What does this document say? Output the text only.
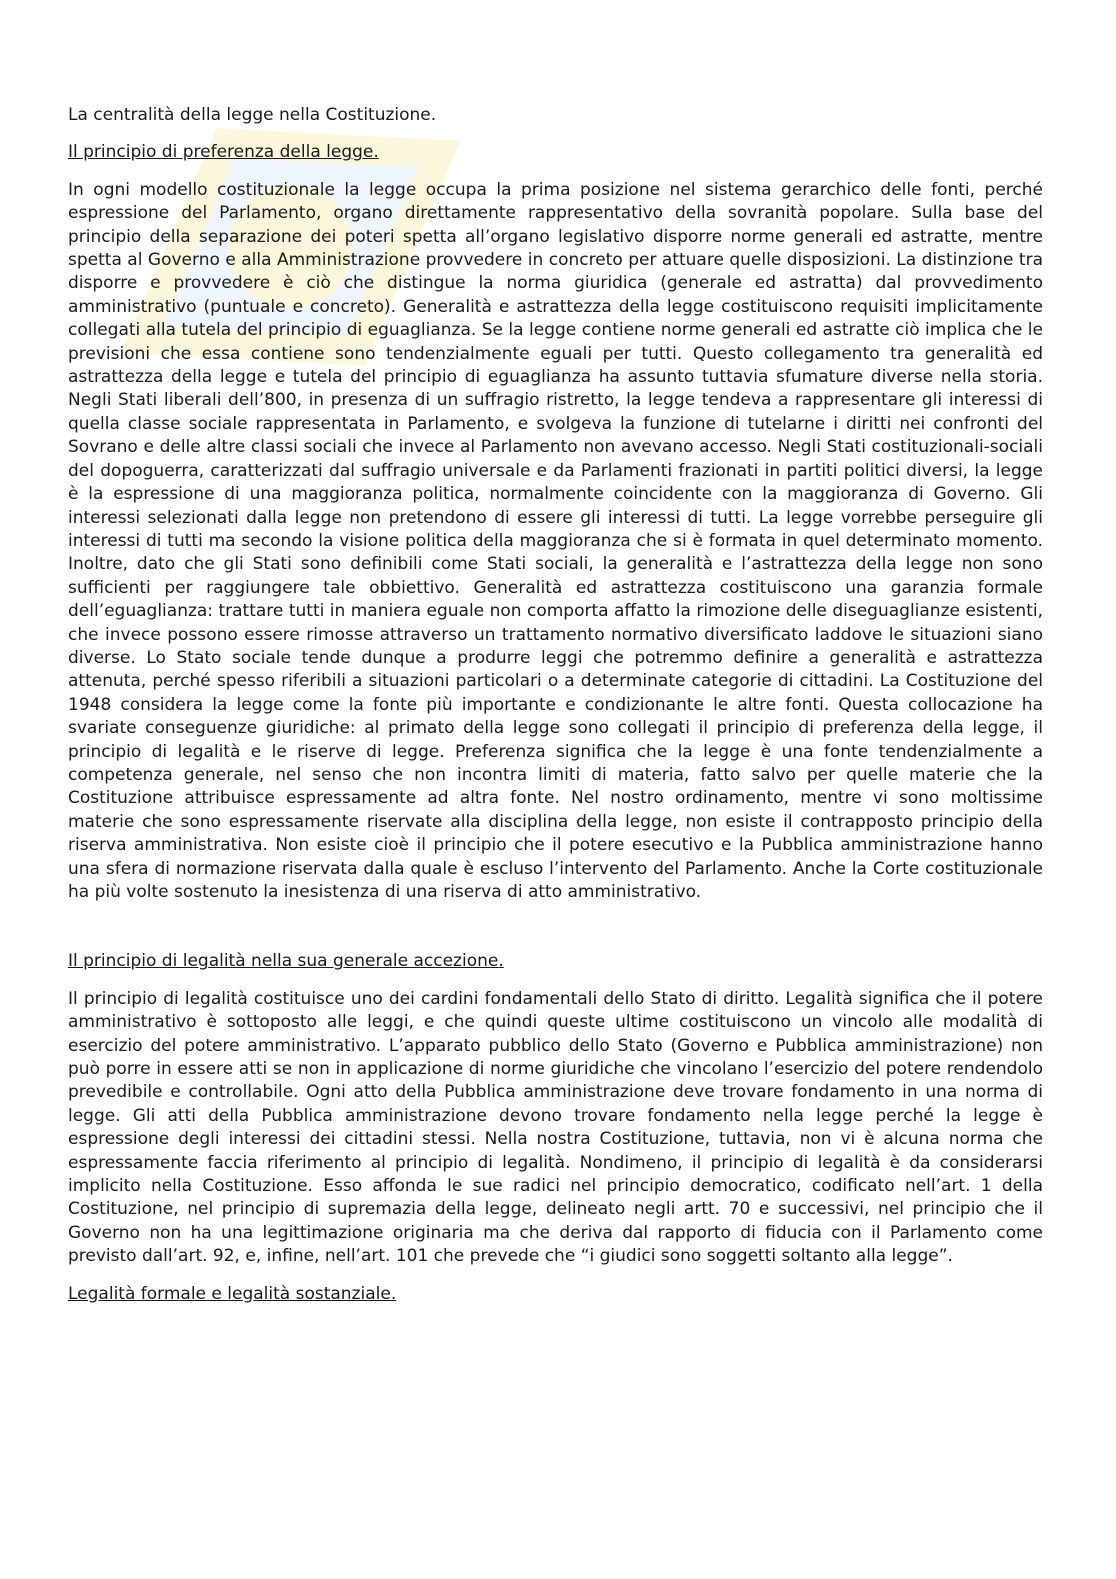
La centralità della legge nella Costituzione.

Il principio di preferenza della legge.

In ogni modello costituzionale la legge occupa la prima posizione nel sistema gerarchico delle fonti, perché espressione del Parlamento, organo direttamente rappresentativo della sovranità popolare. Sulla base del principio della separazione dei poteri spetta all’organo legislativo disporre norme generali ed astratte, mentre spetta al Governo e alla Amministrazione provvedere in concreto per attuare quelle disposizioni. La distinzione tra disporre e provvedere è ciò che distingue la norma giuridica (generale ed astratta) dal provvedimento amministrativo (puntuale e concreto). Generalità e astrattezza della legge costituiscono requisiti implicitamente collegati alla tutela del principio di eguaglianza. Se la legge contiene norme generali ed astratte ciò implica che le previsioni che essa contiene sono tendenzialmente eguali per tutti. Questo collegamento tra generalità ed astrattezza della legge e tutela del principio di eguaglianza ha assunto tuttavia sfumature diverse nella storia. Negli Stati liberali dell’800, in presenza di un suffragio ristretto, la legge tendeva a rappresentare gli interessi di quella classe sociale rappresentata in Parlamento, e svolgeva la funzione di tutelarne i diritti nei confronti del Sovrano e delle altre classi sociali che invece al Parlamento non avevano accesso. Negli Stati costituzionali-sociali del dopoguerra, caratterizzati dal suffragio universale e da Parlamenti frazionati in partiti politici diversi, la legge è la espressione di una maggioranza politica, normalmente coincidente con la maggioranza di Governo. Gli interessi selezionati dalla legge non pretendono di essere gli interessi di tutti. La legge vorrebbe perseguire gli interessi di tutti ma secondo la visione politica della maggioranza che si è formata in quel determinato momento. Inoltre, dato che gli Stati sono definibili come Stati sociali, la generalità e l’astrattezza della legge non sono sufficienti per raggiungere tale obbiettivo. Generalità ed astrattezza costituiscono una garanzia formale dell’eguaglianza: trattare tutti in maniera eguale non comporta affatto la rimozione delle diseguaglianze esistenti, che invece possono essere rimosse attraverso un trattamento normativo diversificato laddove le situazioni siano diverse. Lo Stato sociale tende dunque a produrre leggi che potremmo definire a generalità e astrattezza attenuta, perché spesso riferibili a situazioni particolari o a determinate categorie di cittadini. La Costituzione del 1948 considera la legge come la fonte più importante e condizionante le altre fonti. Questa collocazione ha svariate conseguenze giuridiche: al primato della legge sono collegati il principio di preferenza della legge, il principio di legalità e le riserve di legge. Preferenza significa che la legge è una fonte tendenzialmente a competenza generale, nel senso che non incontra limiti di materia, fatto salvo per quelle materie che la Costituzione attribuisce espressamente ad altra fonte. Nel nostro ordinamento, mentre vi sono moltissime materie che sono espressamente riservate alla disciplina della legge, non esiste il contrapposto principio della riserva amministrativa. Non esiste cioè il principio che il potere esecutivo e la Pubblica amministrazione hanno una sfera di normazione riservata dalla quale è escluso l’intervento del Parlamento. Anche la Corte costituzionale ha più volte sostenuto la inesistenza di una riserva di atto amministrativo.

Il principio di legalità nella sua generale accezione.

Il principio di legalità costituisce uno dei cardini fondamentali dello Stato di diritto. Legalità significa che il potere amministrativo è sottoposto alle leggi, e che quindi queste ultime costituiscono un vincolo alle modalità di esercizio del potere amministrativo. L’apparato pubblico dello Stato (Governo e Pubblica amministrazione) non può porre in essere atti se non in applicazione di norme giuridiche che vincolano l’esercizio del potere rendendolo prevedibile e controllabile. Ogni atto della Pubblica amministrazione deve trovare fondamento in una norma di legge. Gli atti della Pubblica amministrazione devono trovare fondamento nella legge perché la legge è espressione degli interessi dei cittadini stessi. Nella nostra Costituzione, tuttavia, non vi è alcuna norma che espressamente faccia riferimento al principio di legalità. Nondimeno, il principio di legalità è da considerarsi implicito nella Costituzione. Esso affonda le sue radici nel principio democratico, codificato nell’art. 1 della Costituzione, nel principio di supremazia della legge, delineato negli artt. 70 e successivi, nel principio che il Governo non ha una legittimazione originaria ma che deriva dal rapporto di fiducia con il Parlamento come previsto dall’art. 92, e, infine, nell’art. 101 che prevede che “i giudici sono soggetti soltanto alla legge”.

Legalità formale e legalità sostanziale.
